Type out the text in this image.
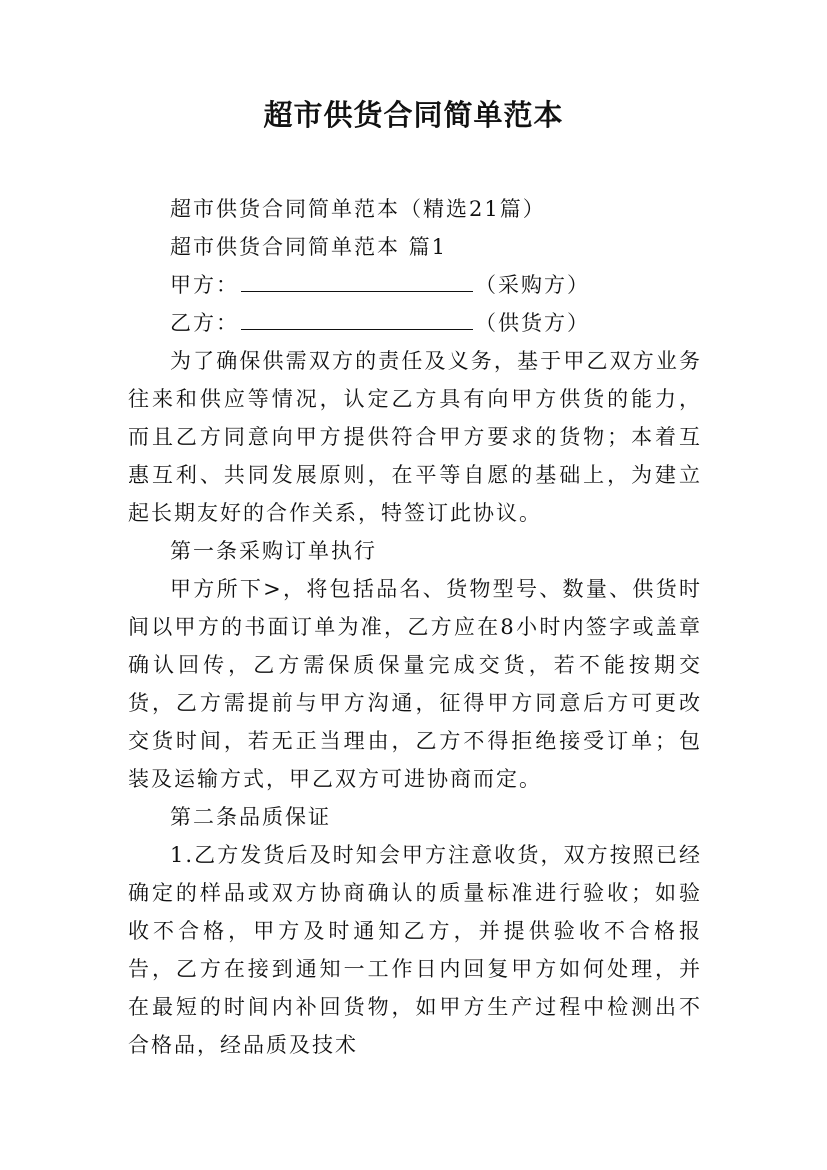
超市供货合同简单范本

超市供货合同简单范本（精选21篇）

超市供货合同简单范本 篇1

甲方：	（采购方）

乙方：	（供货方）

为了确保供需双方的责任及义务，基于甲乙双方业务往来和供应等情况，认定乙方具有向甲方供货的能力，而且乙方同意向甲方提供符合甲方要求的货物；本着互惠互利、共同发展原则，在平等自愿的基础上，为建立起长期友好的合作关系，特签订此协议。

第一条采购订单执行

甲方所下>，将包括品名、货物型号、数量、供货时间以甲方的书面订单为准，乙方应在8小时内签字或盖章确认回传，乙方需保质保量完成交货，若不能按期交货，乙方需提前与甲方沟通，征得甲方同意后方可更改交货时间，若无正当理由，乙方不得拒绝接受订单；包装及运输方式，甲乙双方可进协商而定。

第二条品质保证

1.乙方发货后及时知会甲方注意收货，双方按照已经确定的样品或双方协商确认的质量标准进行验收；如验收不合格，甲方及时通知乙方，并提供验收不合格报告，乙方在接到通知一工作日内回复甲方如何处理，并在最短的时间内补回货物，如甲方生产过程中检测出不合格品，经品质及技术
